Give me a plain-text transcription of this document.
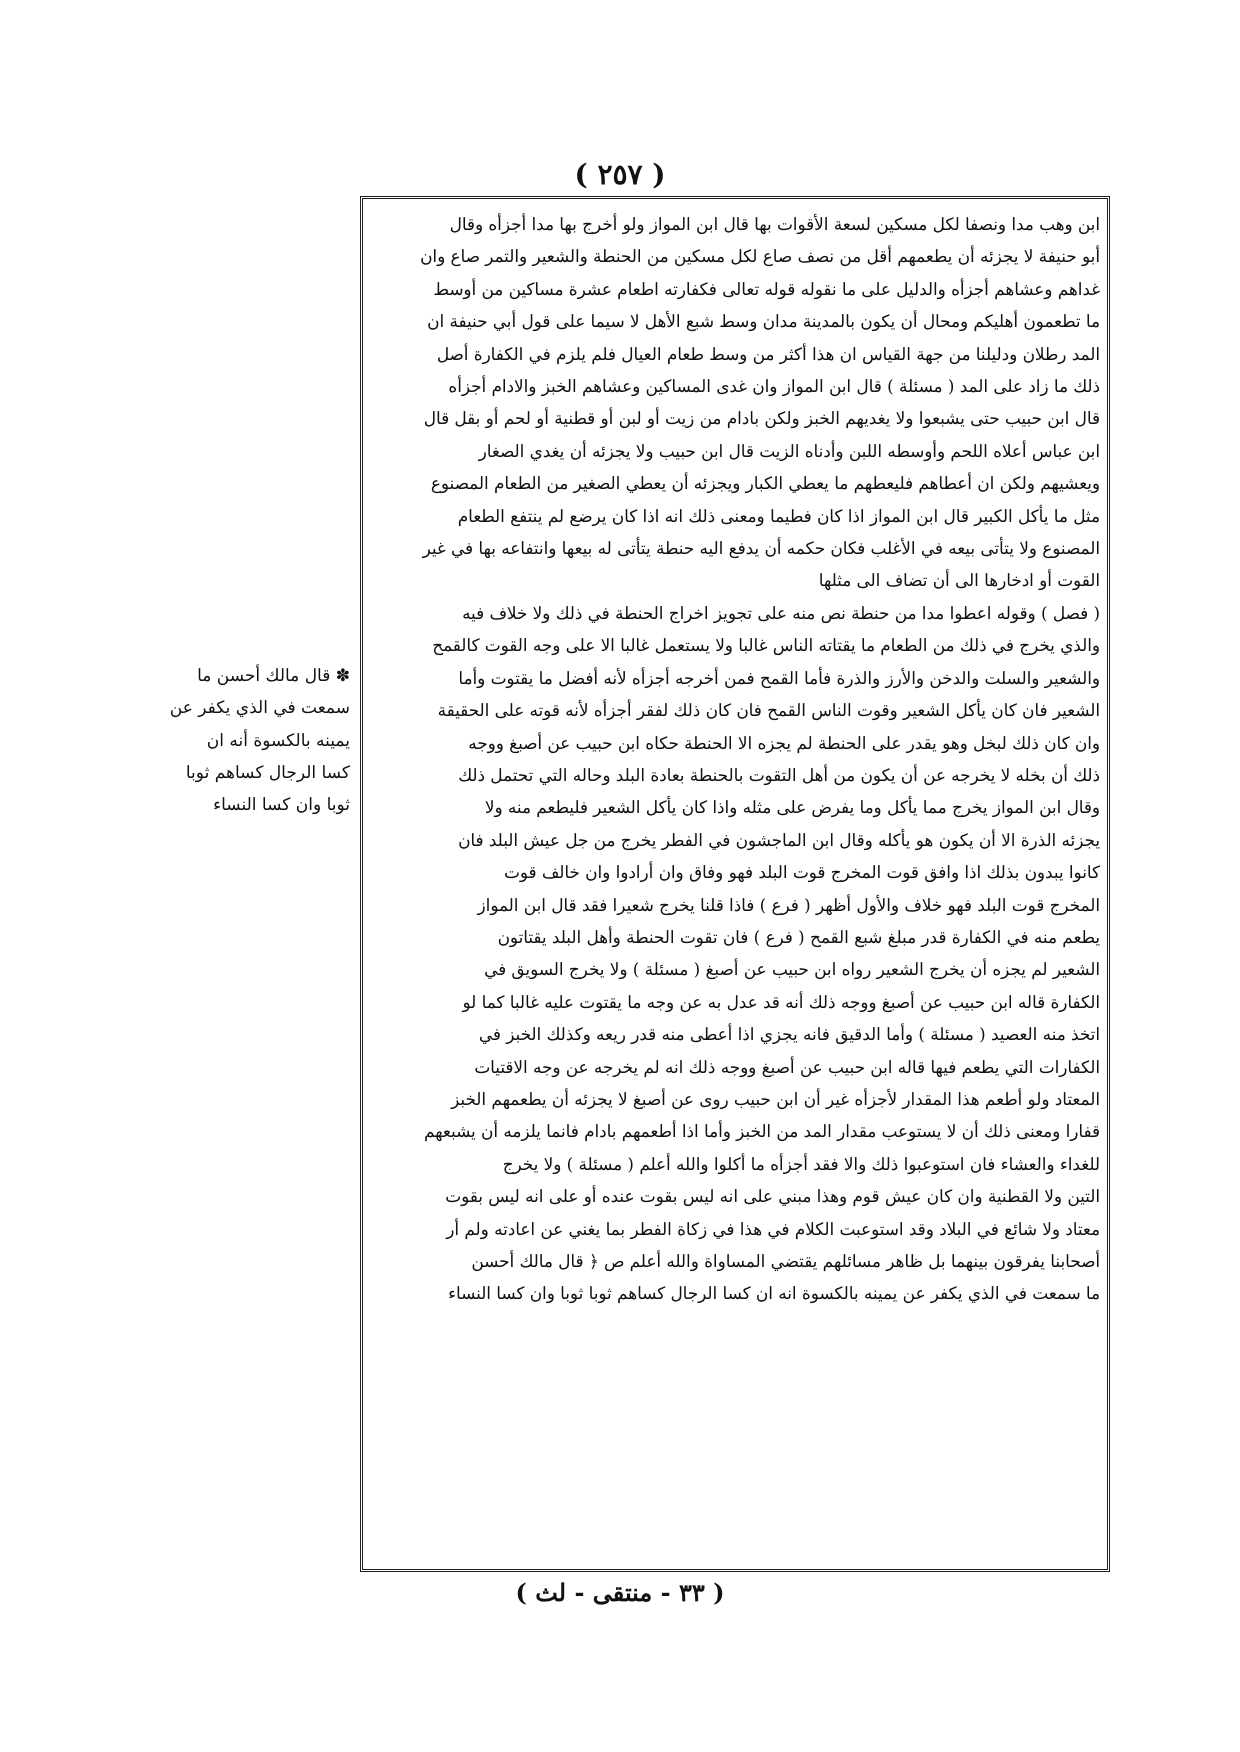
( ٢٥٧ )
ابن وهب مدا ونصفا لكل مسكين لسعة الأقوات بها قال ابن المواز ولو أخرج بها مدا أجزأه وقال
أبو حنيفة لا يجزئه أن يطعمهم أقل من نصف صاع لكل مسكين من الحنطة والشعير والتمر صاع وان
غداهم وعشاهم أجزأه والدليل على ما نقوله قوله تعالى فكفارته اطعام عشرة مساكين من أوسط
ما تطعمون أهليكم ومحال أن يكون بالمدينة مدان وسط شبع الأهل لا سيما على قول أبي حنيفة ان
المد رطلان ودليلنا من جهة القياس ان هذا أكثر من وسط طعام العيال فلم يلزم في الكفارة أصل
ذلك ما زاد على المد ( مسئلة ) قال ابن المواز وان غدى المساكين وعشاهم الخبز والادام أجزأه
قال ابن حبيب حتى يشبعوا ولا يغديهم الخبز ولكن بادام من زيت أو لبن أو قطنية أو لحم أو بقل قال
ابن عباس أعلاه اللحم وأوسطه اللبن وأدناه الزيت قال ابن حبيب ولا يجزئه أن يغدي الصغار
ويعشيهم ولكن ان أعطاهم فليعطهم ما يعطي الكبار ويجزئه أن يعطي الصغير من الطعام المصنوع
مثل ما يأكل الكبير قال ابن المواز اذا كان فطيما ومعنى ذلك انه اذا كان يرضع لم ينتفع الطعام
المصنوع ولا يتأتى بيعه في الأغلب فكان حكمه أن يدفع اليه حنطة يتأتى له بيعها وانتفاعه بها في غير
القوت أو ادخارها الى أن تضاف الى مثلها
( فصل ) وقوله اعطوا مدا من حنطة نص منه على تجويز اخراج الحنطة في ذلك ولا خلاف فيه
والذي يخرج في ذلك من الطعام ما يقتاته الناس غالبا ولا يستعمل غالبا الا على وجه القوت كالقمح
والشعير والسلت والدخن والأرز والذرة فأما القمح فمن أخرجه أجزأه لأنه أفضل ما يقتوت وأما
الشعير فان كان يأكل الشعير وقوت الناس القمح فان كان ذلك لفقر أجزأه لأنه قوته على الحقيقة
وان كان ذلك لبخل وهو يقدر على الحنطة لم يجزه الا الحنطة حكاه ابن حبيب عن أصبغ ووجه
ذلك أن بخله لا يخرجه عن أن يكون من أهل التقوت بالحنطة بعادة البلد وحاله التي تحتمل ذلك
وقال ابن المواز يخرج مما يأكل وما يفرض على مثله واذا كان يأكل الشعير فليطعم منه ولا
يجزئه الذرة الا أن يكون هو يأكله وقال ابن الماجشون في الفطر يخرج من جل عيش البلد فان
كانوا يبدون بذلك اذا وافق قوت المخرج قوت البلد فهو وفاق وان أرادوا وان خالف قوت
المخرج قوت البلد فهو خلاف والأول أظهر ( فرع ) فاذا قلنا يخرج شعيرا فقد قال ابن المواز
يطعم منه في الكفارة قدر مبلغ شبع القمح ( فرع ) فان تقوت الحنطة وأهل البلد يقتاتون
الشعير لم يجزه أن يخرج الشعير رواه ابن حبيب عن أصبغ ( مسئلة ) ولا يخرج السويق في
الكفارة قاله ابن حبيب عن أصبغ ووجه ذلك أنه قد عدل به عن وجه ما يقتوت عليه غالبا كما لو
اتخذ منه العصيد ( مسئلة ) وأما الدقيق فانه يجزي اذا أعطى منه قدر ريعه وكذلك الخبز في
الكفارات التي يطعم فيها قاله ابن حبيب عن أصبغ ووجه ذلك انه لم يخرجه عن وجه الاقتيات
المعتاد ولو أطعم هذا المقدار لأجزأه غير أن ابن حبيب روى عن أصبغ لا يجزئه أن يطعمهم الخبز
قفارا ومعنى ذلك أن لا يستوعب مقدار المد من الخبز وأما اذا أطعمهم بادام فانما يلزمه أن يشبعهم
للغداء والعشاء فان استوعبوا ذلك والا فقد أجزأه ما أكلوا والله أعلم ( مسئلة ) ولا يخرج
التين ولا القطنية وان كان عيش قوم وهذا مبني على انه ليس بقوت عنده أو على انه ليس بقوت
معتاد ولا شائع في البلاد وقد استوعبت الكلام في هذا في زكاة الفطر بما يغني عن اعادته ولم أر
أصحابنا يفرقون بينهما بل ظاهر مسائلهم يقتضي المساواة والله أعلم ص ﴿ قال مالك أحسن
ما سمعت في الذي يكفر عن يمينه بالكسوة انه ان كسا الرجال كساهم ثوبا ثوبا وان كسا النساء
✽ قال مالك أحسن ما
سمعت في الذي يكفر عن
يمينه بالكسوة أنه ان
كسا الرجال كساهم ثوبا
ثوبا وان كسا النساء
( ٣٣ - منتقى - لث )
